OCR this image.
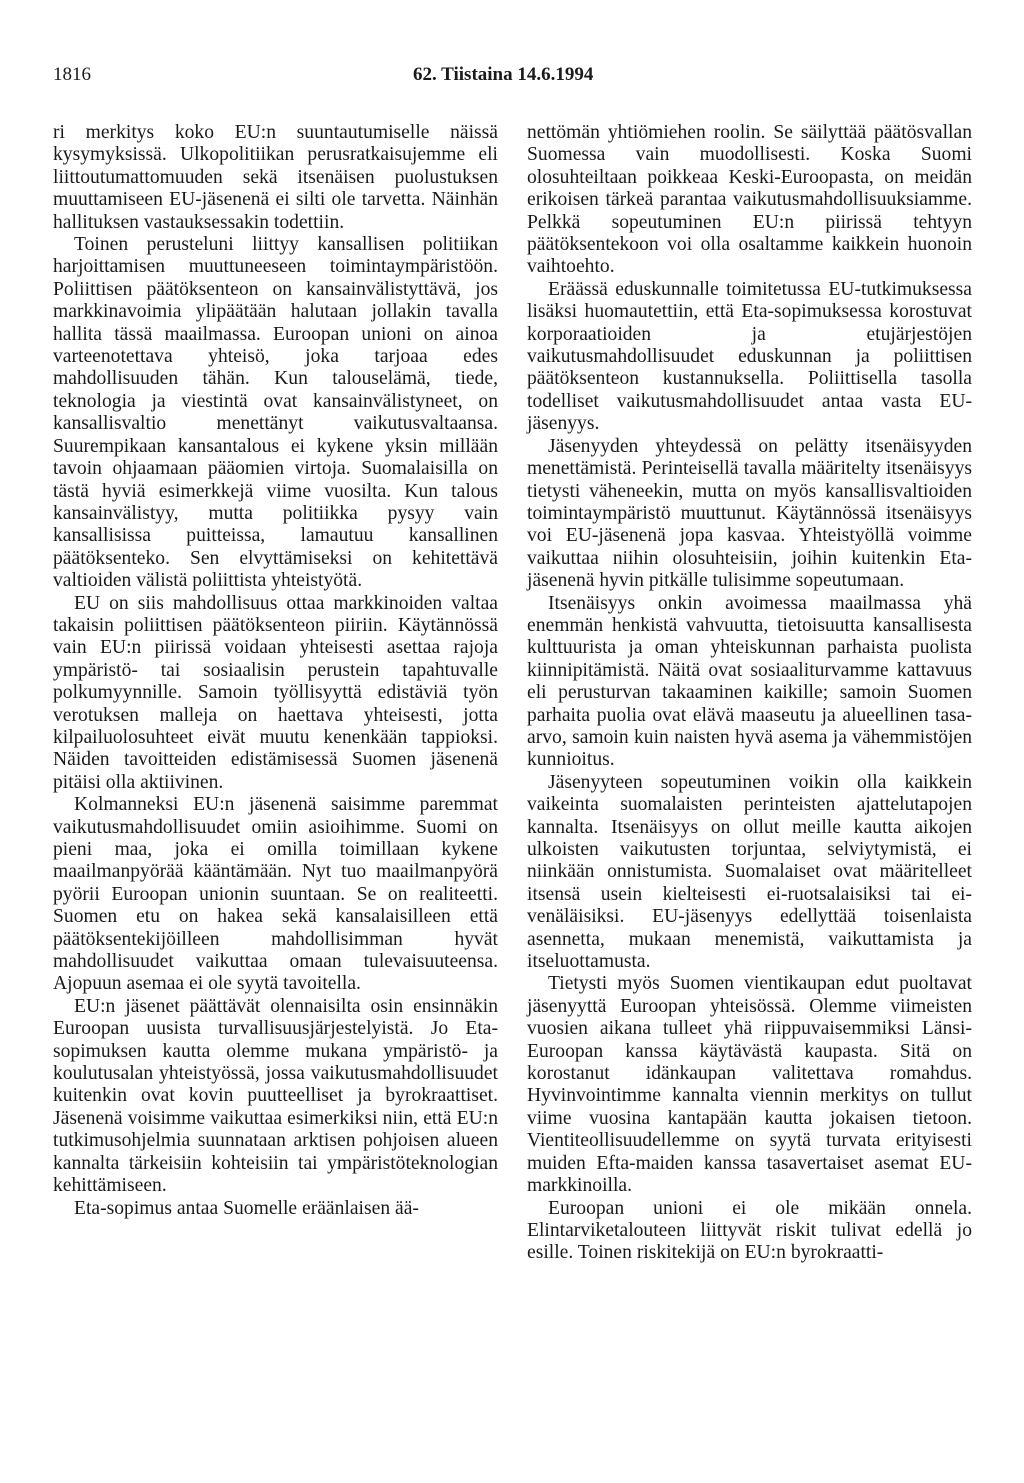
1816	62. Tiistaina 14.6.1994

ri merkitys koko EU:n suuntautumiselle näissä kysymyksissä. Ulkopolitiikan perusratkaisujemme eli liittoutumattomuuden sekä itsenäisen puolustuksen muuttamiseen EU-jäsenenä ei silti ole tarvetta. Näinhän hallituksen vastauksessakin todettiin.

Toinen perusteluni liittyy kansallisen politiikan harjoittamisen muuttuneeseen toimintaympäristöön. Poliittisen päätöksenteon on kansainvälistyttävä, jos markkinavoimia ylipäätään halutaan jollakin tavalla hallita tässä maailmassa. Euroopan unioni on ainoa varteenotettava yhteisö, joka tarjoaa edes mahdollisuuden tähän. Kun talouselämä, tiede, teknologia ja viestintä ovat kansainvälistyneet, on kansallisvaltio menettänyt vaikutusvaltaansa. Suurempikaan kansantalous ei kykene yksin millään tavoin ohjaamaan pääomien virtoja. Suomalaisilla on tästä hyviä esimerkkejä viime vuosilta. Kun talous kansainvälistyy, mutta politiikka pysyy vain kansallisissa puitteissa, lamautuu kansallinen päätöksenteko. Sen elvyttämiseksi on kehitettävä valtioiden välistä poliittista yhteistyötä.

EU on siis mahdollisuus ottaa markkinoiden valtaa takaisin poliittisen päätöksenteon piiriin. Käytännössä vain EU:n piirissä voidaan yhteisesti asettaa rajoja ympäristö- tai sosiaalisin perustein tapahtuvalle polkumyynnille. Samoin työllisyyttä edistäviä työn verotuksen malleja on haettava yhteisesti, jotta kilpailuolosuhteet eivät muutu kenenkään tappioksi. Näiden tavoitteiden edistämisessä Suomen jäsenenä pitäisi olla aktiivinen.

Kolmanneksi EU:n jäsenenä saisimme paremmat vaikutusmahdollisuudet omiin asioihimme. Suomi on pieni maa, joka ei omilla toimillaan kykene maailmanpyörää kääntämään. Nyt tuo maailmanpyörä pyörii Euroopan unionin suuntaan. Se on realiteetti. Suomen etu on hakea sekä kansalaisilleen että päätöksentekijöilleen mahdollisimman hyvät mahdollisuudet vaikuttaa omaan tulevaisuuteensa. Ajopuun asemaa ei ole syytä tavoitella.

EU:n jäsenet päättävät olennaisilta osin ensinnäkin Euroopan uusista turvallisuusjärjestelyistä. Jo Eta-sopimuksen kautta olemme mukana ympäristö- ja koulutusalan yhteistyössä, jossa vaikutusmahdollisuudet kuitenkin ovat kovin puutteelliset ja byrokraattiset. Jäsenenä voisimme vaikuttaa esimerkiksi niin, että EU:n tutkimusohjelmia suunnataan arktisen pohjoisen alueen kannalta tärkeisiin kohteisiin tai ympäristöteknologian kehittämiseen.

Eta-sopimus antaa Suomelle eräänlaisen ää-

nettömän yhtiömiehen roolin. Se säilyttää päätösvallan Suomessa vain muodollisesti. Koska Suomi olosuhteiltaan poikkeaa Keski-Euroopasta, on meidän erikoisen tärkeä parantaa vaikutusmahdollisuuksiamme. Pelkkä sopeutuminen EU:n piirissä tehtyyn päätöksentekoon voi olla osaltamme kaikkein huonoin vaihtoehto.

Eräässä eduskunnalle toimitetussa EU-tutkimuksessa lisäksi huomautettiin, että Eta-sopimuksessa korostuvat korporaatioiden ja etujärjestöjen vaikutusmahdollisuudet eduskunnan ja poliittisen päätöksenteon kustannuksella. Poliittisella tasolla todelliset vaikutusmahdollisuudet antaa vasta EU-jäsenyys.

Jäsenyyden yhteydessä on pelätty itsenäisyyden menettämistä. Perinteisellä tavalla määritelty itsenäisyys tietysti väheneekin, mutta on myös kansallisvaltioiden toimintaympäristö muuttunut. Käytännössä itsenäisyys voi EU-jäsenenä jopa kasvaa. Yhteistyöllä voimme vaikuttaa niihin olosuhteisiin, joihin kuitenkin Eta-jäsenenä hyvin pitkälle tulisimme sopeutumaan.

Itsenäisyys onkin avoimessa maailmassa yhä enemmän henkistä vahvuutta, tietoisuutta kansallisesta kulttuurista ja oman yhteiskunnan parhaista puolista kiinnipitämistä. Näitä ovat sosiaaliturvamme kattavuus eli perusturvan takaaminen kaikille; samoin Suomen parhaita puolia ovat elävä maaseutu ja alueellinen tasa-arvo, samoin kuin naisten hyvä asema ja vähemmistöjen kunnioitus.

Jäsenyyteen sopeutuminen voikin olla kaikkein vaikeinta suomalaisten perinteisten ajattelutapojen kannalta. Itsenäisyys on ollut meille kautta aikojen ulkoisten vaikutusten torjuntaa, selviytymistä, ei niinkään onnistumista. Suomalaiset ovat määritelleet itsensä usein kielteisesti ei-ruotsalaisiksi tai ei-venäläisiksi. EU-jäsenyys edellyttää toisenlaista asennetta, mukaan menemistä, vaikuttamista ja itseluottamusta.

Tietysti myös Suomen vientikaupan edut puoltavat jäsenyyttä Euroopan yhteisössä. Olemme viimeisten vuosien aikana tulleet yhä riippuvaisemmiksi Länsi-Euroopan kanssa käytävästä kaupasta. Sitä on korostanut idänkaupan valitettava romahdus. Hyvinvointimme kannalta viennin merkitys on tullut viime vuosina kantapään kautta jokaisen tietoon. Vientiteollisuudellemme on syytä turvata erityisesti muiden Efta-maiden kanssa tasavertaiset asemat EU-markkinoilla.

Euroopan unioni ei ole mikään onnela. Elintarviketalouteen liittyvät riskit tulivat edellä jo esille. Toinen riskitekijä on EU:n byrokraatti-
